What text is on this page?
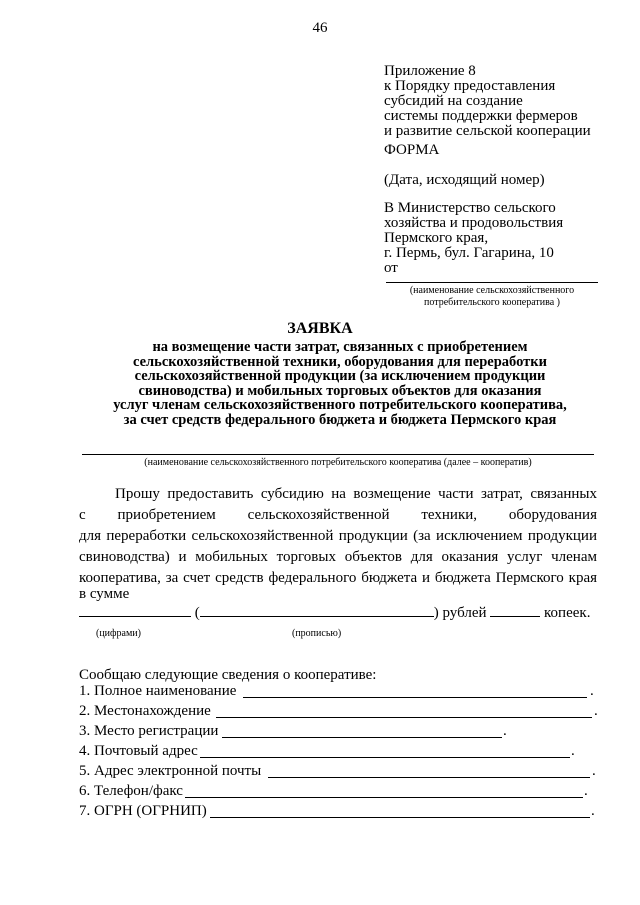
46
Приложение 8
к Порядку предоставления
субсидий на создание
системы поддержки фермеров
и развитие сельской кооперации
ФОРМА
(Дата, исходящий номер)
В Министерство сельского
хозяйства и продовольствия
Пермского края,
г. Пермь, бул. Гагарина, 10
от
(наименование сельскохозяйственного потребительского кооператива )
ЗАЯВКА
на возмещение части затрат, связанных с приобретением
сельскохозяйственной техники, оборудования для переработки
сельскохозяйственной продукции (за исключением продукции
свиноводства) и мобильных торговых объектов для оказания
услуг членам сельскохозяйственного потребительского кооператива,
за счет средств федерального бюджета и бюджета Пермского края
(наименование сельскохозяйственного потребительского кооператива (далее – кооператив)
Прошу предоставить субсидию на возмещение части затрат, связанных
с приобретением сельскохозяйственной техники, оборудования
для переработки сельскохозяйственной продукции (за исключением продукции
свиноводства) и мобильных торговых объектов для оказания услуг членам
кооператива, за счет средств федерального бюджета и бюджета Пермского края
в сумме
(	) рублей	копеек.
(цифрами)	(прописью)
Сообщаю следующие сведения о кооперативе:
1. Полное наименование	.
2. Местонахождение	.
3. Место регистрации	.
4. Почтовый адрес	.
5. Адрес электронной почты	.
6. Телефон/факс	.
7. ОГРН (ОГРНИП)	.
